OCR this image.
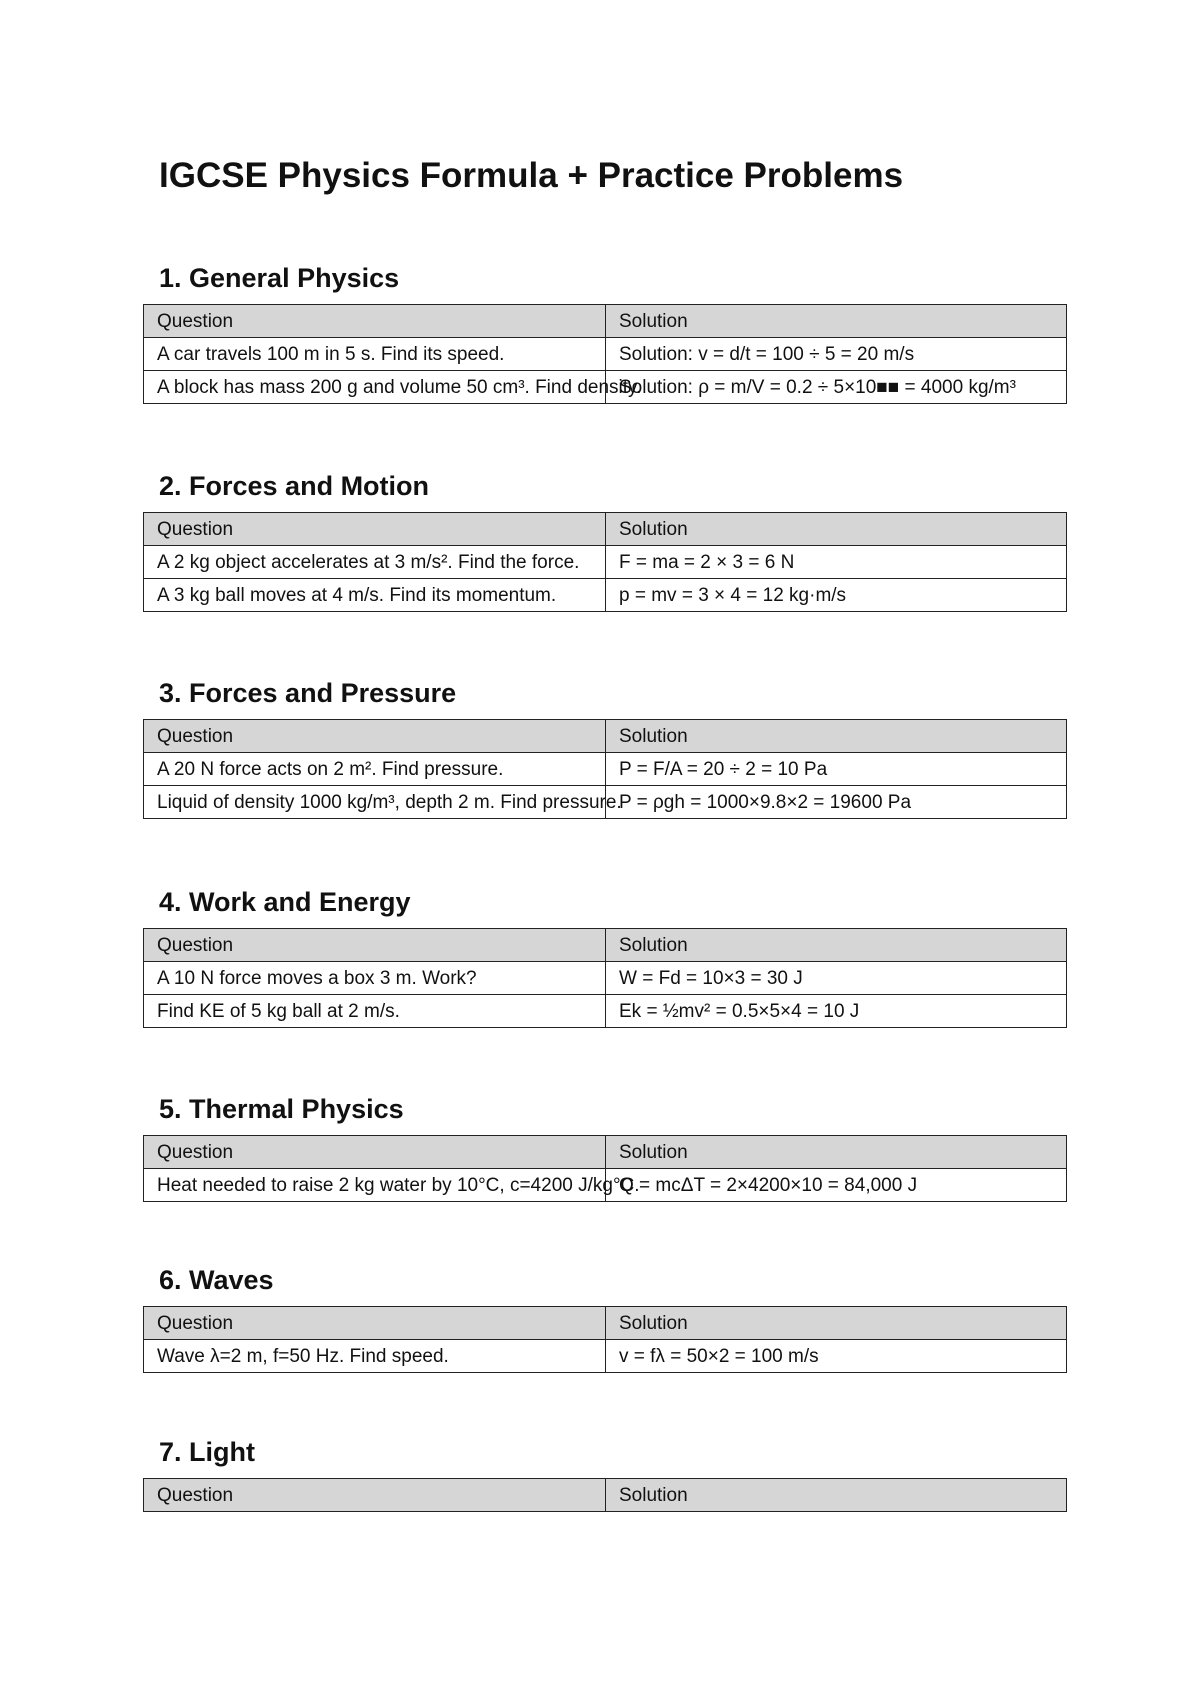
IGCSE Physics Formula + Practice Problems
1. General Physics
Question	Solution
A car travels 100 m in 5 s. Find its speed.	Solution: v = d/t = 100 ÷ 5 = 20 m/s
A block has mass 200 g and volume 50 cm³. Find density.	Solution: ρ = m/V = 0.2 ÷ 5×10■■ = 4000 kg/m³
2. Forces and Motion
Question	Solution
A 2 kg object accelerates at 3 m/s². Find the force.	F = ma = 2 × 3 = 6 N
A 3 kg ball moves at 4 m/s. Find its momentum.	p = mv = 3 × 4 = 12 kg·m/s
3. Forces and Pressure
Question	Solution
A 20 N force acts on 2 m². Find pressure.	P = F/A = 20 ÷ 2 = 10 Pa
Liquid of density 1000 kg/m³, depth 2 m. Find pressure.	P = ρgh = 1000×9.8×2 = 19600 Pa
4. Work and Energy
Question	Solution
A 10 N force moves a box 3 m. Work?	W = Fd = 10×3 = 30 J
Find KE of 5 kg ball at 2 m/s.	Ek = ½mv² = 0.5×5×4 = 10 J
5. Thermal Physics
Question	Solution
Heat needed to raise 2 kg water by 10°C, c=4200 J/kg°C.	Q = mcΔT = 2×4200×10 = 84,000 J
6. Waves
Question	Solution
Wave λ=2 m, f=50 Hz. Find speed.	v = fλ = 50×2 = 100 m/s
7. Light
Question	Solution
